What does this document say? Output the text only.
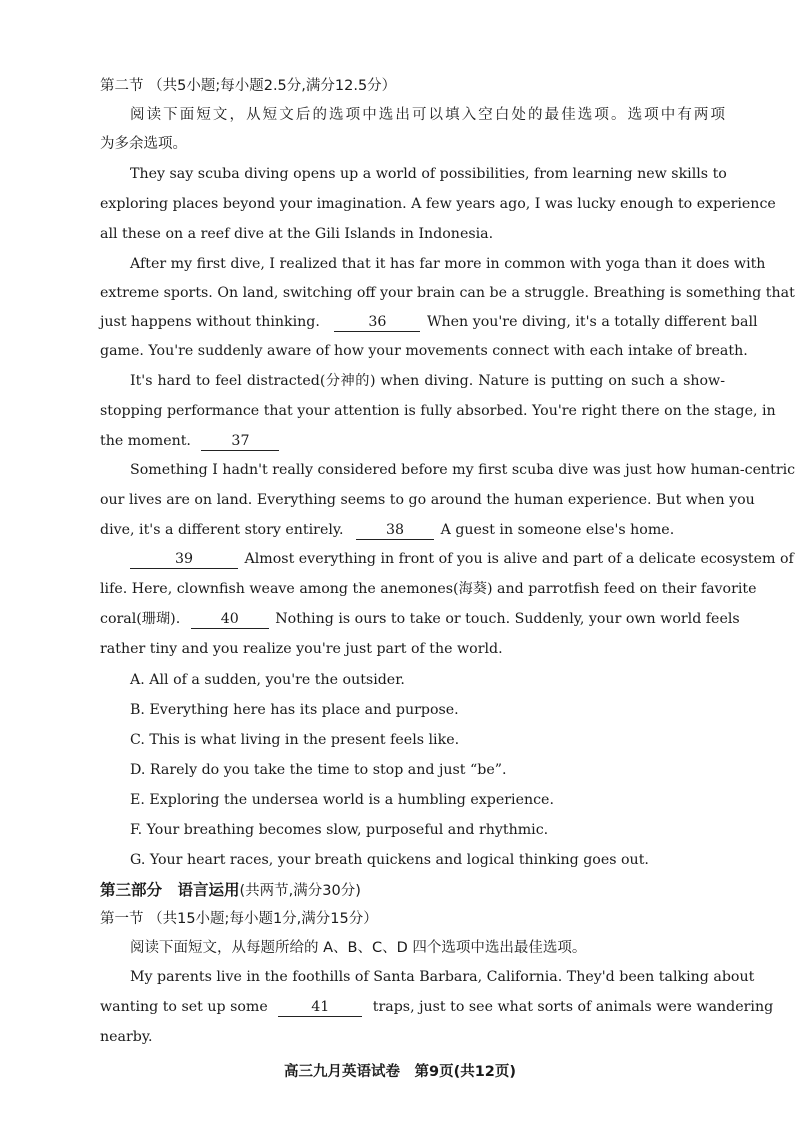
第二节 （共5小题;每小题2.5分,满分12.5分）
阅读下面短文，从短文后的选项中选出可以填入空白处的最佳选项。选项中有两项
为多余选项。
They say scuba diving opens up a world of possibilities, from learning new skills to
exploring places beyond your imagination. A few years ago, I was lucky enough to experience
all these on a reef dive at the Gili Islands in Indonesia.
After my first dive, I realized that it has far more in common with yoga than it does with
extreme sports. On land, switching off your brain can be a struggle. Breathing is something that
just happens without thinking.	36	When you're diving, it's a totally different ball
game. You're suddenly aware of how your movements connect with each intake of breath.
It's hard to feel distracted(分神的) when diving. Nature is putting on such a show-
stopping performance that your attention is fully absorbed. You're right there on the stage, in
the moment.	37
Something I hadn't really considered before my first scuba dive was just how human-centric
our lives are on land. Everything seems to go around the human experience. But when you
dive, it's a different story entirely.	38	A guest in someone else's home.
39	Almost everything in front of you is alive and part of a delicate ecosystem of
life. Here, clownfish weave among the anemones(海葵) and parrotfish feed on their favorite
coral(珊瑚).	40	Nothing is ours to take or touch. Suddenly, your own world feels
rather tiny and you realize you're just part of the world.
A. All of a sudden, you're the outsider.
B. Everything here has its place and purpose.
C. This is what living in the present feels like.
D. Rarely do you take the time to stop and just “be”.
E. Exploring the undersea world is a humbling experience.
F. Your breathing becomes slow, purposeful and rhythmic.
G. Your heart races, your breath quickens and logical thinking goes out.
第三部分　语言运用(共两节,满分30分)
第一节 （共15小题;每小题1分,满分15分）
阅读下面短文，从每题所给的 A、B、C、D 四个选项中选出最佳选项。
My parents live in the foothills of Santa Barbara, California. They'd been talking about
wanting to set up some	41	traps, just to see what sorts of animals were wandering
nearby.
高三九月英语试卷　第9页(共12页)
